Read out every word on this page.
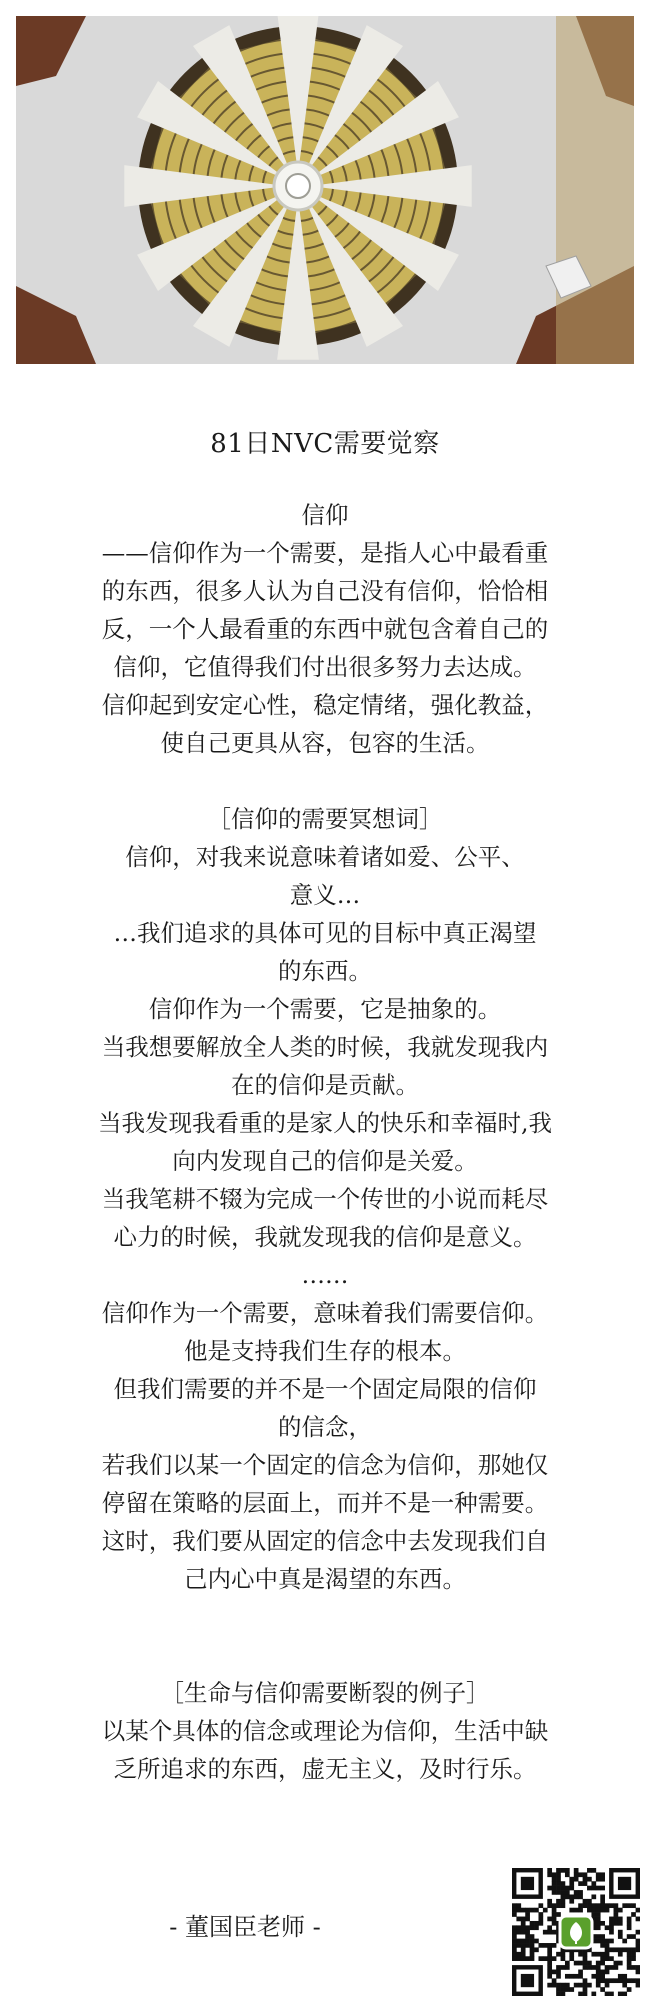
81日NVC需要觉察
信仰
——信仰作为一个需要，是指人心中最看重
的东西，很多人认为自己没有信仰，恰恰相
反，一个人最看重的东西中就包含着自己的
信仰，它值得我们付出很多努力去达成。
信仰起到安定心性，稳定情绪，强化教益，
使自己更具从容，包容的生活。
［信仰的需要冥想词］
信仰，对我来说意味着诸如爱、公平、
意义…
…我们追求的具体可见的目标中真正渴望
的东西。
信仰作为一个需要，它是抽象的。
当我想要解放全人类的时候，我就发现我内
在的信仰是贡献。
当我发现我看重的是家人的快乐和幸福时,我
向内发现自己的信仰是关爱。
当我笔耕不辍为完成一个传世的小说而耗尽
心力的时候，我就发现我的信仰是意义。
……
信仰作为一个需要，意味着我们需要信仰。
他是支持我们生存的根本。
但我们需要的并不是一个固定局限的信仰
的信念，
若我们以某一个固定的信念为信仰，那她仅
停留在策略的层面上，而并不是一种需要。
这时，我们要从固定的信念中去发现我们自
己内心中真是渴望的东西。
［生命与信仰需要断裂的例子］
以某个具体的信念或理论为信仰，生活中缺
乏所追求的东西，虚无主义，及时行乐。
- 董国臣老师 -
